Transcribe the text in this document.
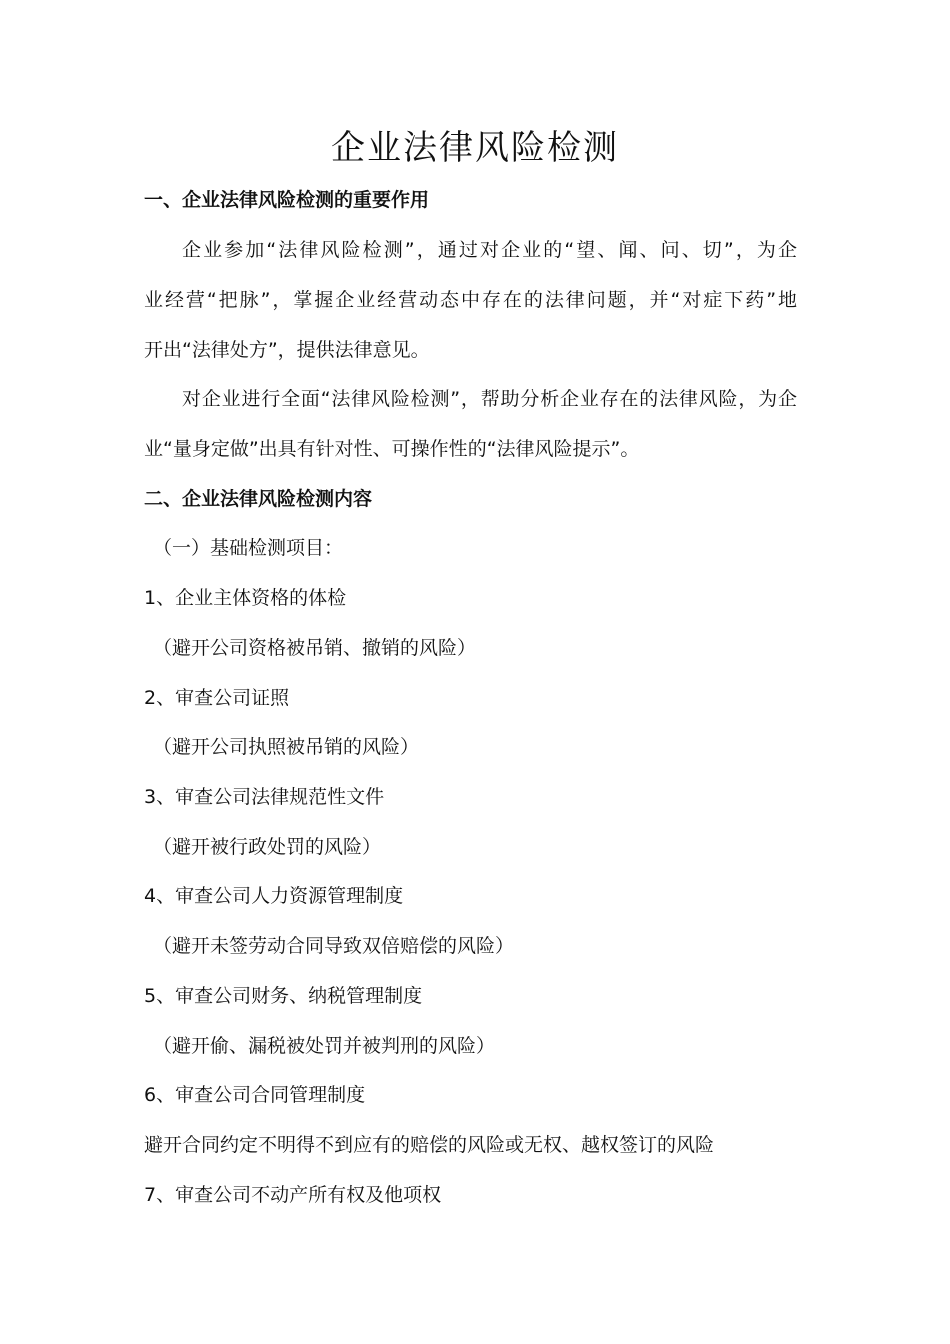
企业法律风险检测

一、企业法律风险检测的重要作用

企业参加“法律风险检测”，通过对企业的“望、闻、问、切”，为企

业经营“把脉”，掌握企业经营动态中存在的法律问题，并“对症下药”地

开出“法律处方”，提供法律意见。

对企业进行全面“法律风险检测”，帮助分析企业存在的法律风险，为企

业“量身定做”出具有针对性、可操作性的“法律风险提示”。

二、企业法律风险检测内容

（一）基础检测项目：

1、企业主体资格的体检

（避开公司资格被吊销、撤销的风险）

2、审查公司证照

（避开公司执照被吊销的风险）

3、审查公司法律规范性文件

（避开被行政处罚的风险）

4、审查公司人力资源管理制度

（避开未签劳动合同导致双倍赔偿的风险）

5、审查公司财务、纳税管理制度

（避开偷、漏税被处罚并被判刑的风险）

6、审查公司合同管理制度

避开合同约定不明得不到应有的赔偿的风险或无权、越权签订的风险

7、审查公司不动产所有权及他项权
